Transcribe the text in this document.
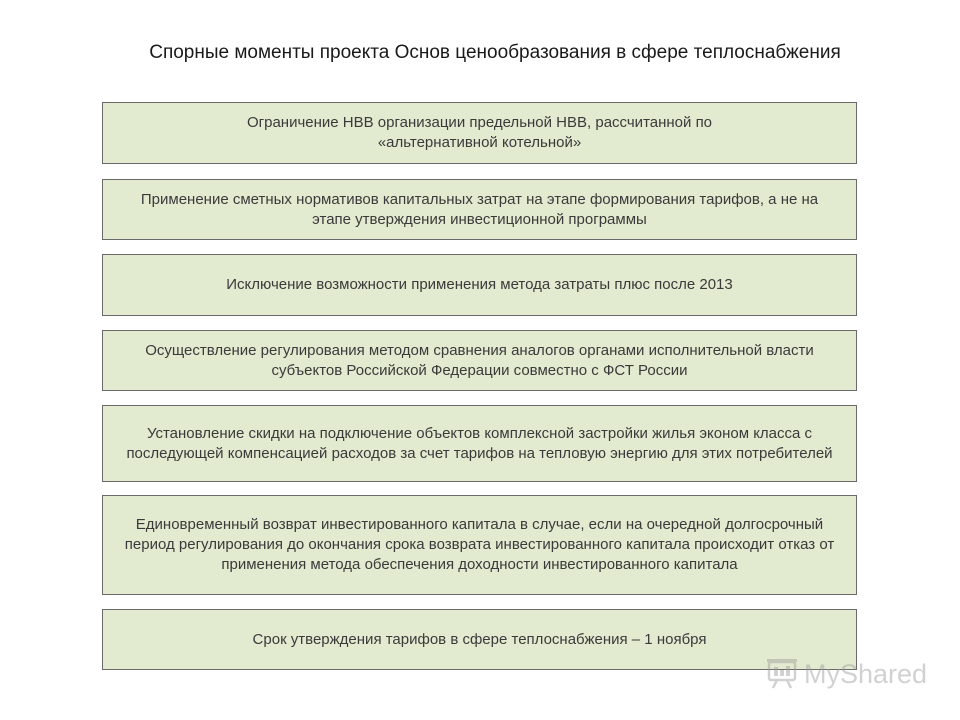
Спорные моменты проекта Основ ценообразования в сфере теплоснабжения
Ограничение НВВ организации предельной НВВ, рассчитанной по «альтернативной котельной»
Применение сметных нормативов капитальных затрат на этапе формирования тарифов, а не на этапе утверждения инвестиционной программы
Исключение возможности применения метода затраты плюс после 2013
Осуществление регулирования методом сравнения аналогов органами исполнительной власти субъектов Российской Федерации совместно с ФСТ России
Установление скидки на подключение объектов комплексной застройки жилья эконом класса с последующей компенсацией расходов за счет тарифов на тепловую энергию для этих потребителей
Единовременный возврат инвестированного капитала в случае, если на очередной долгосрочный период регулирования до окончания срока возврата инвестированного капитала происходит отказ от применения метода обеспечения доходности инвестированного капитала
Срок утверждения тарифов в сфере теплоснабжения – 1 ноября
MyShared
